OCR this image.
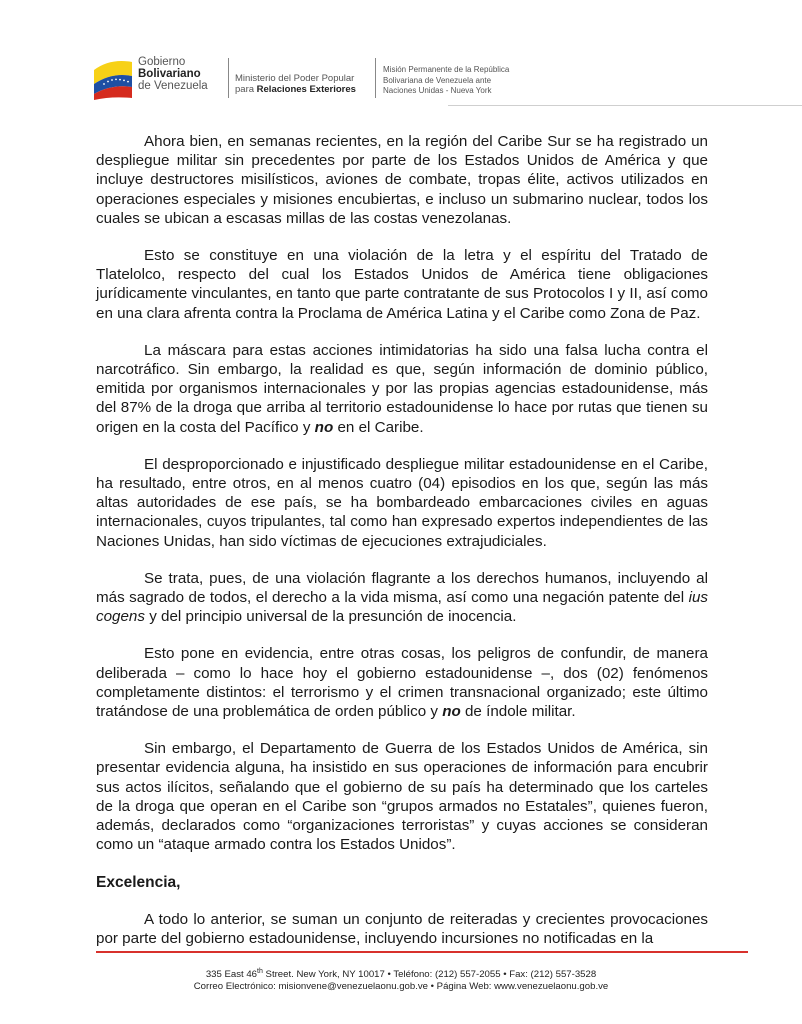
Gobierno
Bolivariano
de Venezuela
Ministerio del Poder Popular
para Relaciones Exteriores
Misión Permanente de la República
Bolivariana de Venezuela ante
Naciones Unidas - Nueva York

Ahora bien, en semanas recientes, en la región del Caribe Sur se ha registrado un despliegue militar sin precedentes por parte de los Estados Unidos de América y que incluye destructores misilísticos, aviones de combate, tropas élite, activos utilizados en operaciones especiales y misiones encubiertas, e incluso un submarino nuclear, todos los cuales se ubican a escasas millas de las costas venezolanas.

Esto se constituye en una violación de la letra y el espíritu del Tratado de Tlatelolco, respecto del cual los Estados Unidos de América tiene obligaciones jurídicamente vinculantes, en tanto que parte contratante de sus Protocolos I y II, así como en una clara afrenta contra la Proclama de América Latina y el Caribe como Zona de Paz.

La máscara para estas acciones intimidatorias ha sido una falsa lucha contra el narcotráfico. Sin embargo, la realidad es que, según información de dominio público, emitida por organismos internacionales y por las propias agencias estadounidense, más del 87% de la droga que arriba al territorio estadounidense lo hace por rutas que tienen su origen en la costa del Pacífico y no en el Caribe.

El desproporcionado e injustificado despliegue militar estadounidense en el Caribe, ha resultado, entre otros, en al menos cuatro (04) episodios en los que, según las más altas autoridades de ese país, se ha bombardeado embarcaciones civiles en aguas internacionales, cuyos tripulantes, tal como han expresado expertos independientes de las Naciones Unidas, han sido víctimas de ejecuciones extrajudiciales.

Se trata, pues, de una violación flagrante a los derechos humanos, incluyendo al más sagrado de todos, el derecho a la vida misma, así como una negación patente del ius cogens y del principio universal de la presunción de inocencia.

Esto pone en evidencia, entre otras cosas, los peligros de confundir, de manera deliberada – como lo hace hoy el gobierno estadounidense –, dos (02) fenómenos completamente distintos: el terrorismo y el crimen transnacional organizado; este último tratándose de una problemática de orden público y no de índole militar.

Sin embargo, el Departamento de Guerra de los Estados Unidos de América, sin presentar evidencia alguna, ha insistido en sus operaciones de información para encubrir sus actos ilícitos, señalando que el gobierno de su país ha determinado que los carteles de la droga que operan en el Caribe son “grupos armados no Estatales”, quienes fueron, además, declarados como “organizaciones terroristas” y cuyas acciones se consideran como un “ataque armado contra los Estados Unidos”.

Excelencia,

A todo lo anterior, se suman un conjunto de reiteradas y crecientes provocaciones por parte del gobierno estadounidense, incluyendo incursiones no notificadas en la

335 East 46th Street. New York, NY 10017 • Teléfono: (212) 557-2055 • Fax: (212) 557-3528
Correo Electrónico: misionvene@venezuelaonu.gob.ve • Página Web: www.venezuelaonu.gob.ve
